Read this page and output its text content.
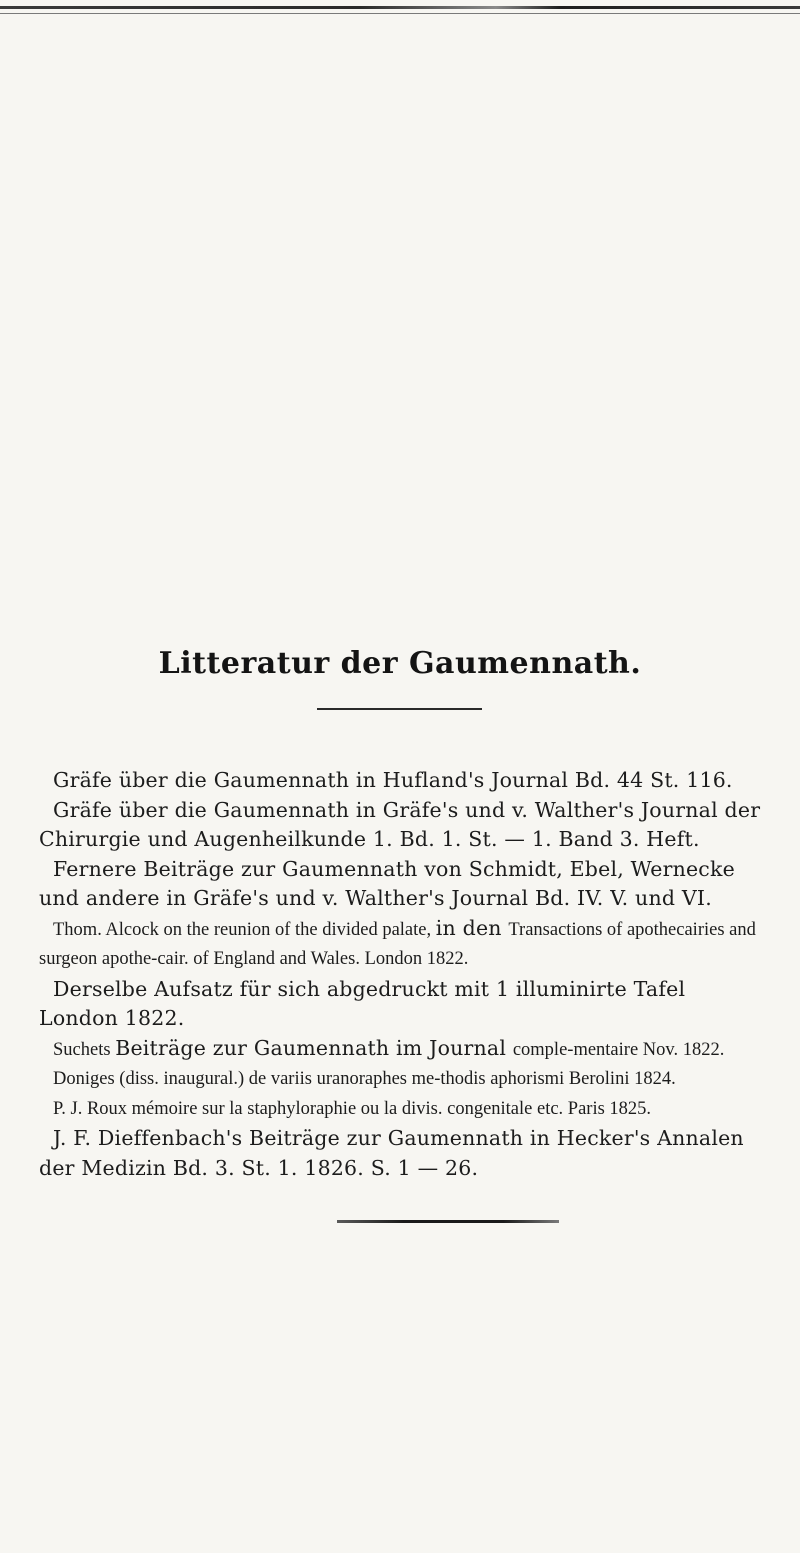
Litteratur der Gaumennath.

Gräfe über die Gaumennath in Hufland's Journal Bd. 44 St. 116.

Gräfe über die Gaumennath in Gräfe's und v. Walther's Journal der Chirurgie und Augenheilkunde 1. Bd. 1. St. — 1. Band 3. Heft.

Fernere Beiträge zur Gaumennath von Schmidt, Ebel, Wernecke und andere in Gräfe's und v. Walther's Journal Bd. IV. V. und VI.

Thom. Alcock on the reunion of the divided palate, in den Transactions of apothecairies and surgeon apothe-cair. of England and Wales. London 1822.

Derselbe Aufsatz für sich abgedruckt mit 1 illuminirte Tafel London 1822.

Suchets Beiträge zur Gaumennath im Journal comple-mentaire Nov. 1822.

Doniges (diss. inaugural.) de variis uranoraphes me-thodis aphorismi Berolini 1824.

P. J. Roux mémoire sur la staphyloraphie ou la divis. congenitale etc. Paris 1825.

J. F. Dieffenbach's Beiträge zur Gaumennath in Hecker's Annalen der Medizin Bd. 3. St. 1. 1826. S. 1 — 26.
